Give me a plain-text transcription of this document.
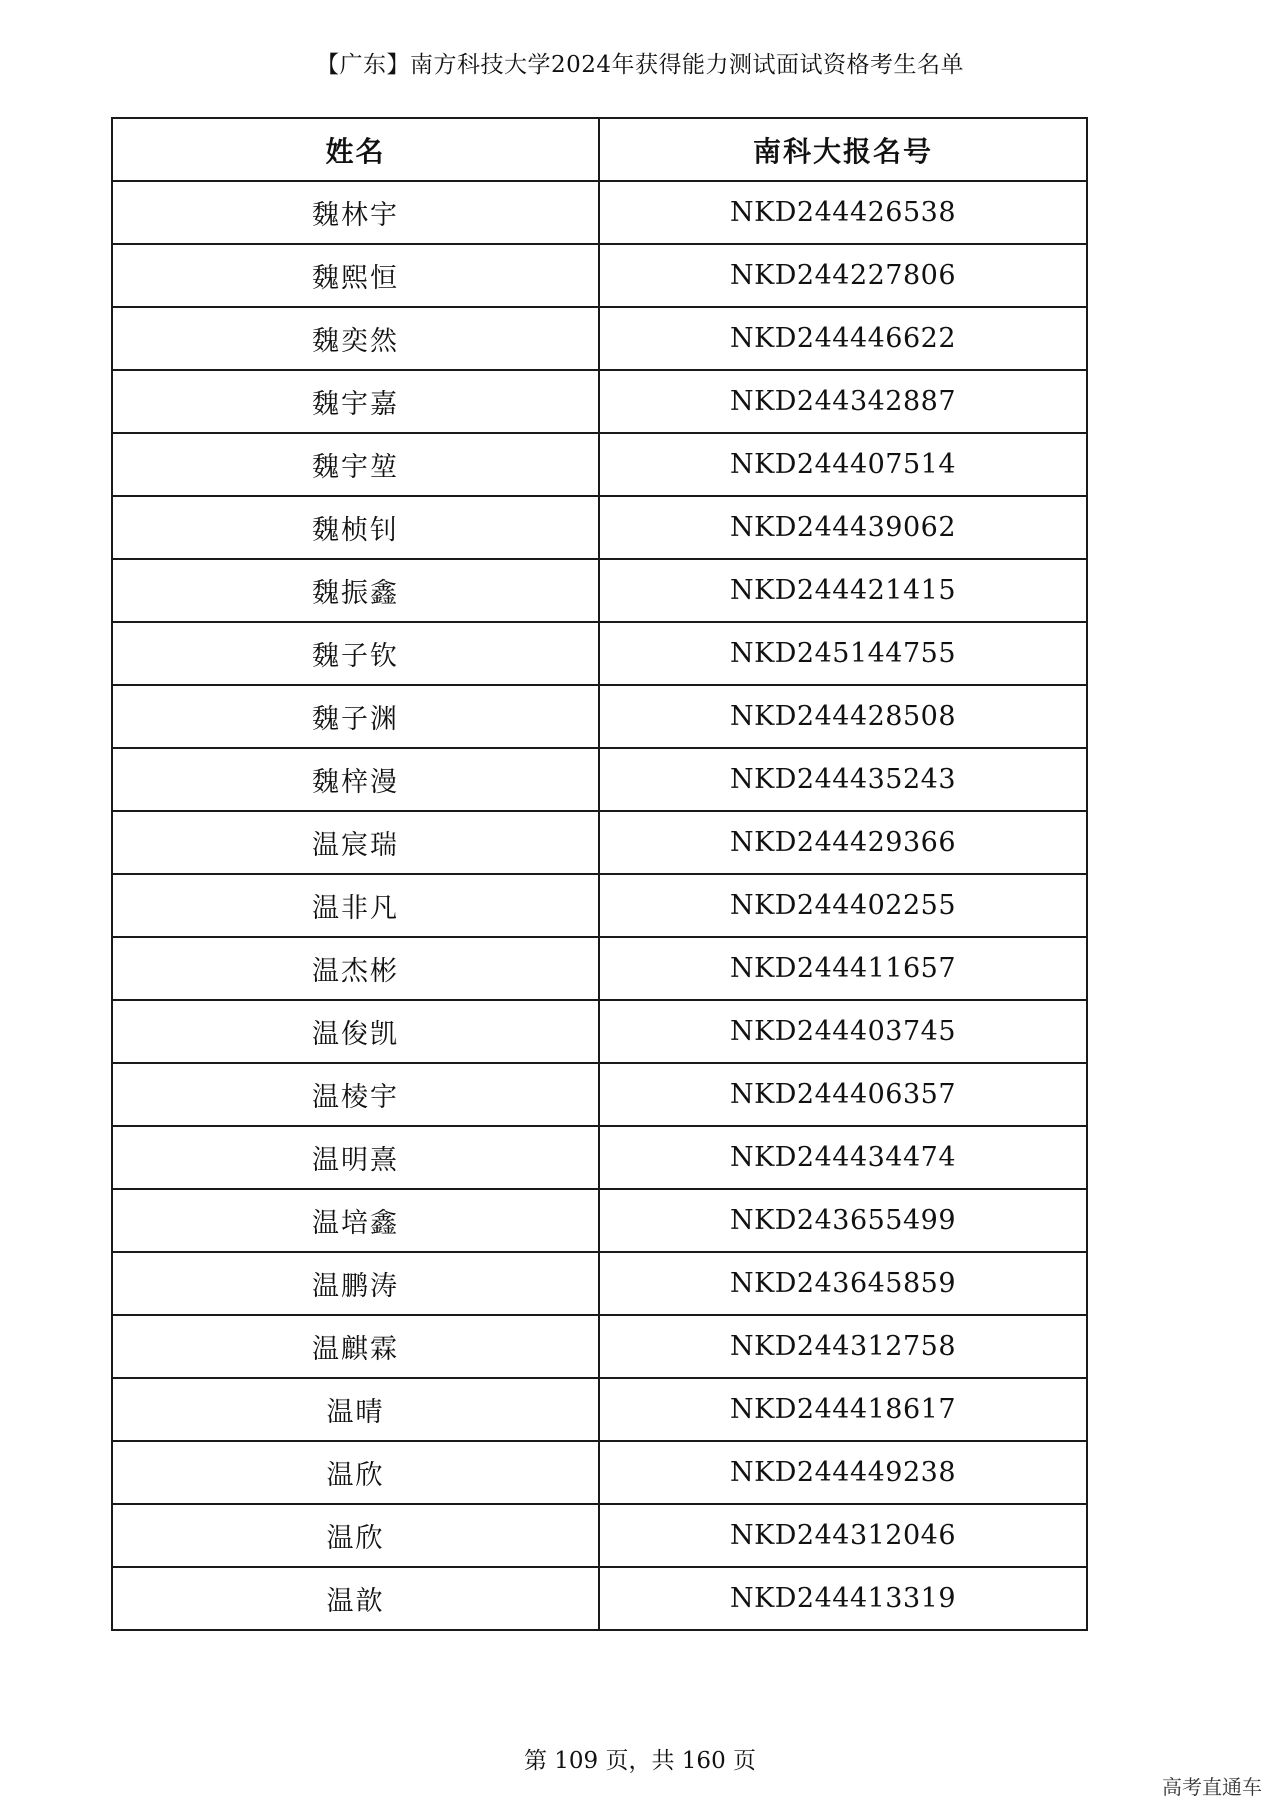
【广东】南方科技大学2024年获得能力测试面试资格考生名单
姓名	南科大报名号
魏林宇	NKD244426538
魏熙恒	NKD244227806
魏奕然	NKD244446622
魏宇嘉	NKD244342887
魏宇堃	NKD244407514
魏桢钊	NKD244439062
魏振鑫	NKD244421415
魏子钦	NKD245144755
魏子渊	NKD244428508
魏梓漫	NKD244435243
温宸瑞	NKD244429366
温非凡	NKD244402255
温杰彬	NKD244411657
温俊凯	NKD244403745
温棱宇	NKD244406357
温明熹	NKD244434474
温培鑫	NKD243655499
温鹏涛	NKD243645859
温麒霖	NKD244312758
温晴	NKD244418617
温欣	NKD244449238
温欣	NKD244312046
温歆	NKD244413319
第 109 页，共 160 页
高考直通车
